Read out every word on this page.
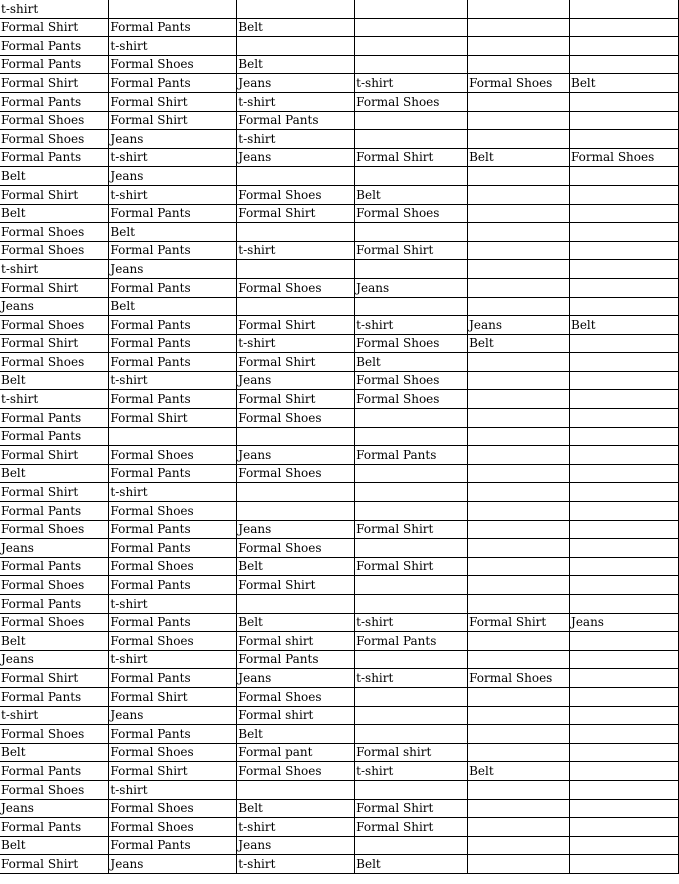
t-shirt					
Formal Shirt	Formal Pants	Belt			
Formal Pants	t-shirt				
Formal Pants	Formal Shoes	Belt			
Formal Shirt	Formal Pants	Jeans	t-shirt	Formal Shoes	Belt
Formal Pants	Formal Shirt	t-shirt	Formal Shoes		
Formal Shoes	Formal Shirt	Formal Pants			
Formal Shoes	Jeans	t-shirt			
Formal Pants	t-shirt	Jeans	Formal Shirt	Belt	Formal Shoes
Belt	Jeans				
Formal Shirt	t-shirt	Formal Shoes	Belt		
Belt	Formal Pants	Formal Shirt	Formal Shoes		
Formal Shoes	Belt				
Formal Shoes	Formal Pants	t-shirt	Formal Shirt		
t-shirt	Jeans				
Formal Shirt	Formal Pants	Formal Shoes	Jeans		
Jeans	Belt				
Formal Shoes	Formal Pants	Formal Shirt	t-shirt	Jeans	Belt
Formal Shirt	Formal Pants	t-shirt	Formal Shoes	Belt	
Formal Shoes	Formal Pants	Formal Shirt	Belt		
Belt	t-shirt	Jeans	Formal Shoes		
t-shirt	Formal Pants	Formal Shirt	Formal Shoes		
Formal Pants	Formal Shirt	Formal Shoes			
Formal Pants					
Formal Shirt	Formal Shoes	Jeans	Formal Pants		
Belt	Formal Pants	Formal Shoes			
Formal Shirt	t-shirt				
Formal Pants	Formal Shoes				
Formal Shoes	Formal Pants	Jeans	Formal Shirt		
Jeans	Formal Pants	Formal Shoes			
Formal Pants	Formal Shoes	Belt	Formal Shirt		
Formal Shoes	Formal Pants	Formal Shirt			
Formal Pants	t-shirt				
Formal Shoes	Formal Pants	Belt	t-shirt	Formal Shirt	Jeans
Belt	Formal Shoes	Formal shirt	Formal Pants		
Jeans	t-shirt	Formal Pants			
Formal Shirt	Formal Pants	Jeans	t-shirt	Formal Shoes	
Formal Pants	Formal Shirt	Formal Shoes			
t-shirt	Jeans	Formal shirt			
Formal Shoes	Formal Pants	Belt			
Belt	Formal Shoes	Formal pant	Formal shirt		
Formal Pants	Formal Shirt	Formal Shoes	t-shirt	Belt	
Formal Shoes	t-shirt				
Jeans	Formal Shoes	Belt	Formal Shirt		
Formal Pants	Formal Shoes	t-shirt	Formal Shirt		
Belt	Formal Pants	Jeans			
Formal Shirt	Jeans	t-shirt	Belt		
